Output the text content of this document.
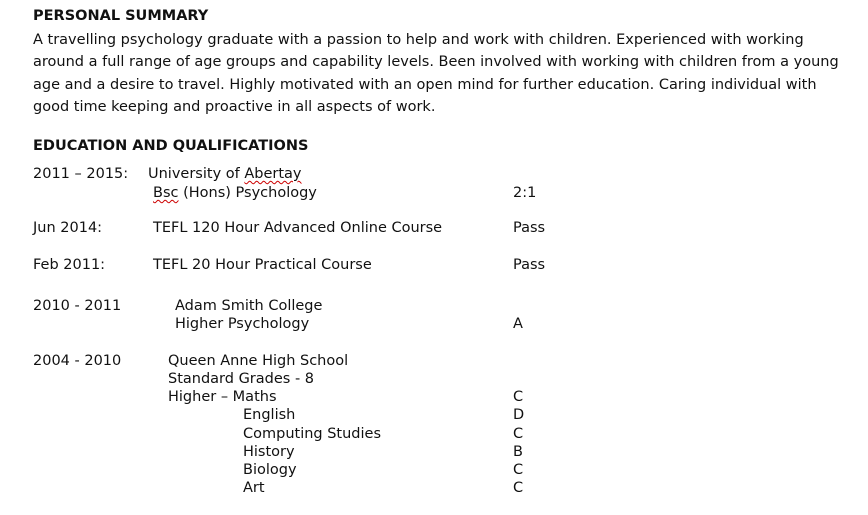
PERSONAL SUMMARY
A travelling psychology graduate with a passion to help and work with children. Experienced with working
around a full range of age groups and capability levels. Been involved with working with children from a young
age and a desire to travel. Highly motivated with an open mind for further education. Caring individual with
good time keeping and proactive in all aspects of work.
EDUCATION AND QUALIFICATIONS
2011 – 2015: University of Abertay
Bsc (Hons) Psychology	2:1
Jun 2014:	TEFL 120 Hour Advanced Online Course	Pass
Feb 2011:	TEFL 20 Hour Practical Course	Pass
2010 - 2011	Adam Smith College
Higher Psychology	A
2004 - 2010	Queen Anne High School
Standard Grades - 8
Higher – Maths	C
English	D
Computing Studies	C
History	B
Biology	C
Art	C
